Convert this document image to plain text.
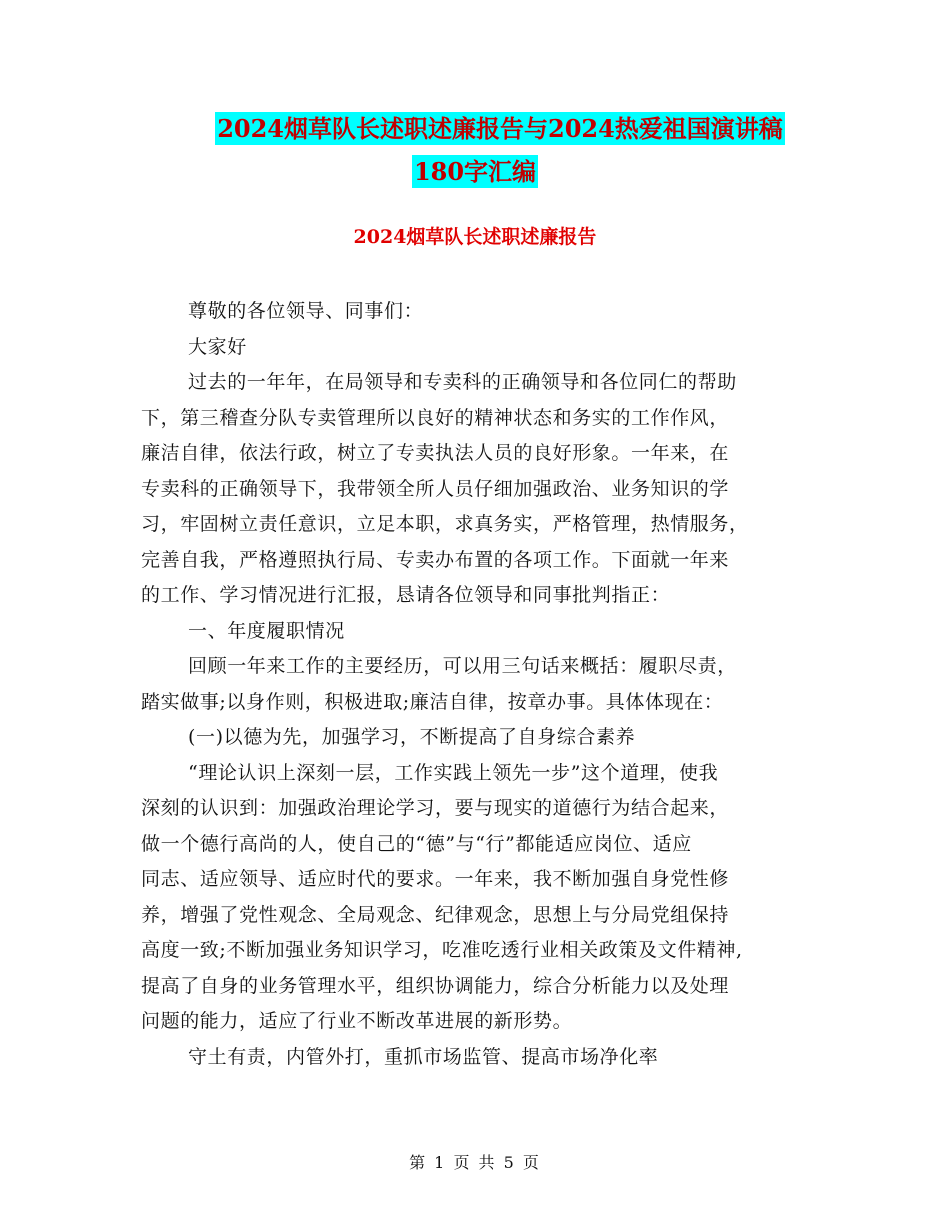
2024烟草队长述职述廉报告与2024热爱祖国演讲稿
180字汇编
2024烟草队长述职述廉报告
尊敬的各位领导、同事们：
大家好
过去的一年年，在局领导和专卖科的正确领导和各位同仁的帮助
下，第三稽查分队专卖管理所以良好的精神状态和务实的工作作风，
廉洁自律，依法行政，树立了专卖执法人员的良好形象。一年来，在
专卖科的正确领导下，我带领全所人员仔细加强政治、业务知识的学
习，牢固树立责任意识，立足本职，求真务实，严格管理，热情服务，
完善自我，严格遵照执行局、专卖办布置的各项工作。下面就一年来
的工作、学习情况进行汇报，恳请各位领导和同事批判指正：
一、年度履职情况
回顾一年来工作的主要经历，可以用三句话来概括：履职尽责，
踏实做事;以身作则，积极进取;廉洁自律，按章办事。具体体现在：
(一)以德为先，加强学习，不断提高了自身综合素养
“理论认识上深刻一层，工作实践上领先一步”这个道理，使我
深刻的认识到：加强政治理论学习，要与现实的道德行为结合起来，
做一个德行高尚的人，使自己的“德”与“行”都能适应岗位、适应
同志、适应领导、适应时代的要求。一年来，我不断加强自身党性修
养，增强了党性观念、全局观念、纪律观念，思想上与分局党组保持
高度一致;不断加强业务知识学习，吃准吃透行业相关政策及文件精神,
提高了自身的业务管理水平，组织协调能力，综合分析能力以及处理
问题的能力，适应了行业不断改革进展的新形势。
守土有责，内管外打，重抓市场监管、提高市场净化率
第 1 页 共 5 页
